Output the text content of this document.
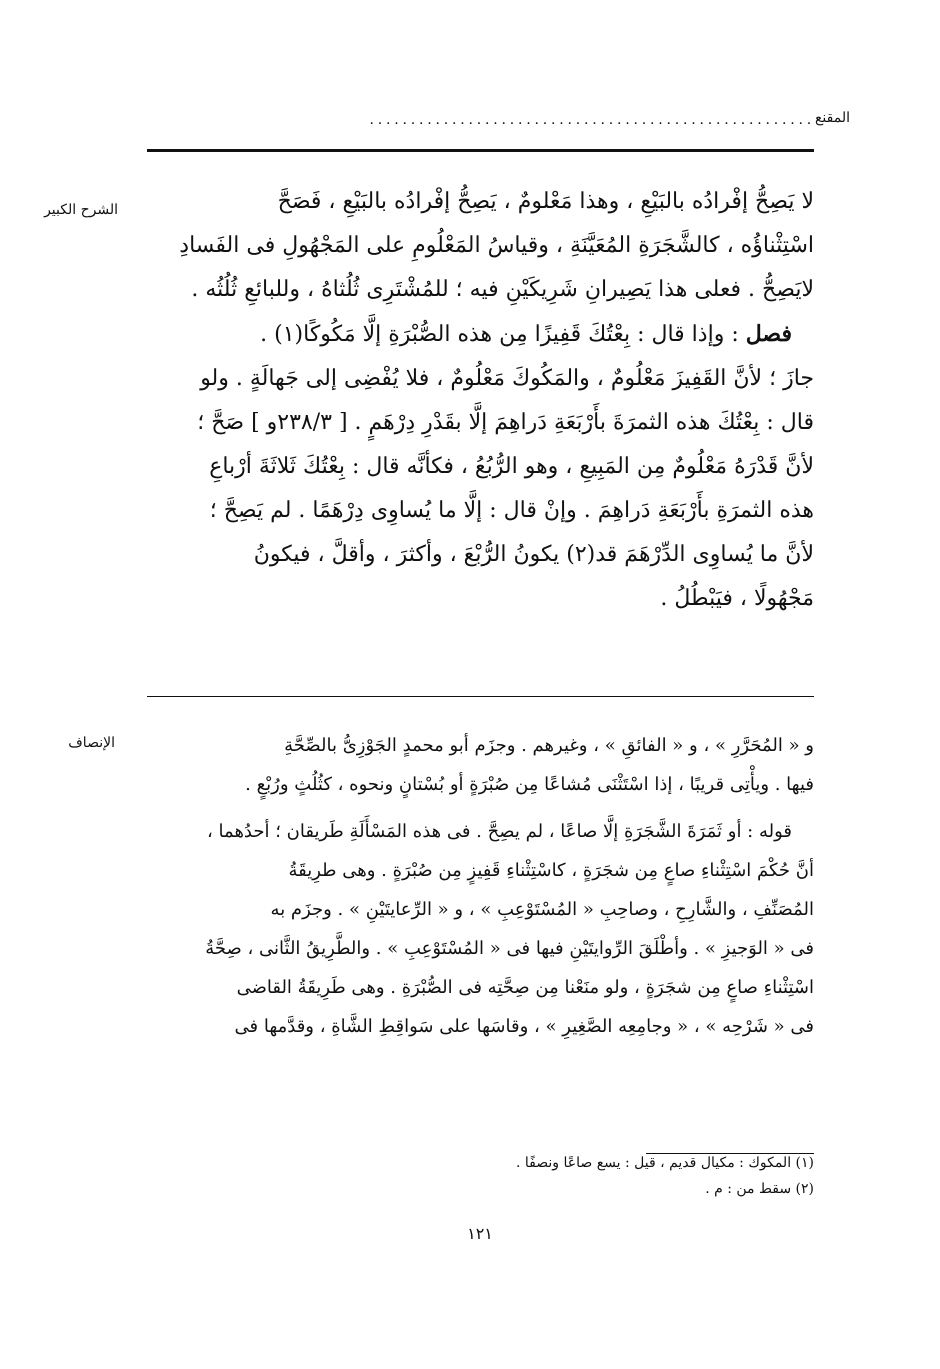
المقنع
......................................................
الشرح الكبير	لا يَصِحُّ إفْرادُه بالبَيْعِ ، وهذا مَعْلومٌ ، يَصِحُّ إفْرادُه بالبَيْعِ ، فَصَحَّ
اسْتِثْناؤُه ، كالشَّجَرَةِ المُعَيَّنَةِ ، وقياسُ المَعْلُومِ على المَجْهُولِ فى الفَسادِ
لايَصِحُّ . فعلى هذا يَصِيرانِ شَرِيكَيْنِ فيه ؛ للمُشْتَرِى ثُلُثاهُ ، وللبائعِ ثُلُثُه .
فصل : وإذا قال : بِعْتُكَ قَفِيزًا مِن هذه الصُّبْرَةِ إلَّا مَكُوكًا(١) .
جازَ ؛ لأنَّ القَفِيزَ مَعْلُومٌ ، والمَكُوكَ مَعْلُومٌ ، فلا يُفْضِى إلى جَهالَةٍ . ولو
قال : بِعْتُكَ هذه الثمرَةَ بأَرْبَعَةِ دَراهِمَ إلَّا بقَدْرِ دِرْهَمٍ . [ ٢٣٨/٣و ] صَحَّ ؛
لأنَّ قَدْرَهُ مَعْلُومٌ مِن المَبِيعِ ، وهو الرُّبُعُ ، فكأنَّه قال : بِعْتُكَ ثَلاثَةَ أرْباعِ
هذه الثمرَةِ بأَرْبَعَةِ دَراهِمَ . وإنْ قال : إلَّا ما يُساوِى دِرْهَمًا . لم يَصِحَّ ؛
لأنَّ ما يُساوِى الدِّرْهَمَ قد(٢) يكونُ الرُّبْعَ ، وأكثرَ ، وأقلَّ ، فيكونُ
مَجْهُولًا ، فيَبْطُلُ .
الإنصاف	و « المُحَرَّرِ » ، و « الفائقِ » ، وغيرهم . وجزَم أبو محمدٍ الجَوْزِىُّ بالصِّحَّةِ
فيها . ويأْتِى قريبًا ، إذا اسْتَثْنَى مُشاعًا مِن صُبْرَةٍ أو بُسْتانٍ ونحوه ، كثُلُثٍ ورُبْعٍ .
قوله : أو ثَمَرَةَ الشَّجَرَةِ إلَّا صاعًا ، لم يصِحَّ . فى هذه المَسْأَلَةِ طَريقان ؛ أحدُهما ،
أنَّ حُكْمَ اسْتِثْناءِ صاعٍ مِن شجَرَةٍ ، كاسْتِثْناءِ قَفِيزٍ مِن صُبْرَةٍ . وهى طرِيقَةُ
المُصَنِّفِ ، والشَّارِحِ ، وصاحِبِ « المُسْتَوْعِبِ » ، و « الرِّعايتَيْنِ » . وجزَم به
فى « الوَجيزِ » . وأطْلَقَ الرِّوايتَيْنِ فيها فى « المُسْتَوْعِبِ » . والطَّرِيقُ الثَّانى ، صِحَّةُ
اسْتِثْناءِ صاعٍ مِن شجَرَةٍ ، ولو منَعْنا مِن صِحَّتِه فى الصُّبْرَةِ . وهى طَرِيقَةُ القاضى
فى « شَرْحِه » ، « وجامِعِه الصَّغِيرِ » ، وقاسَها على سَواقِطِ الشَّاةِ ، وقدَّمها فى
(١) المكوك : مكيال قديم ، قيل : يسع صاعًا ونصفًا .
(٢) سقط من : م .
١٢١
